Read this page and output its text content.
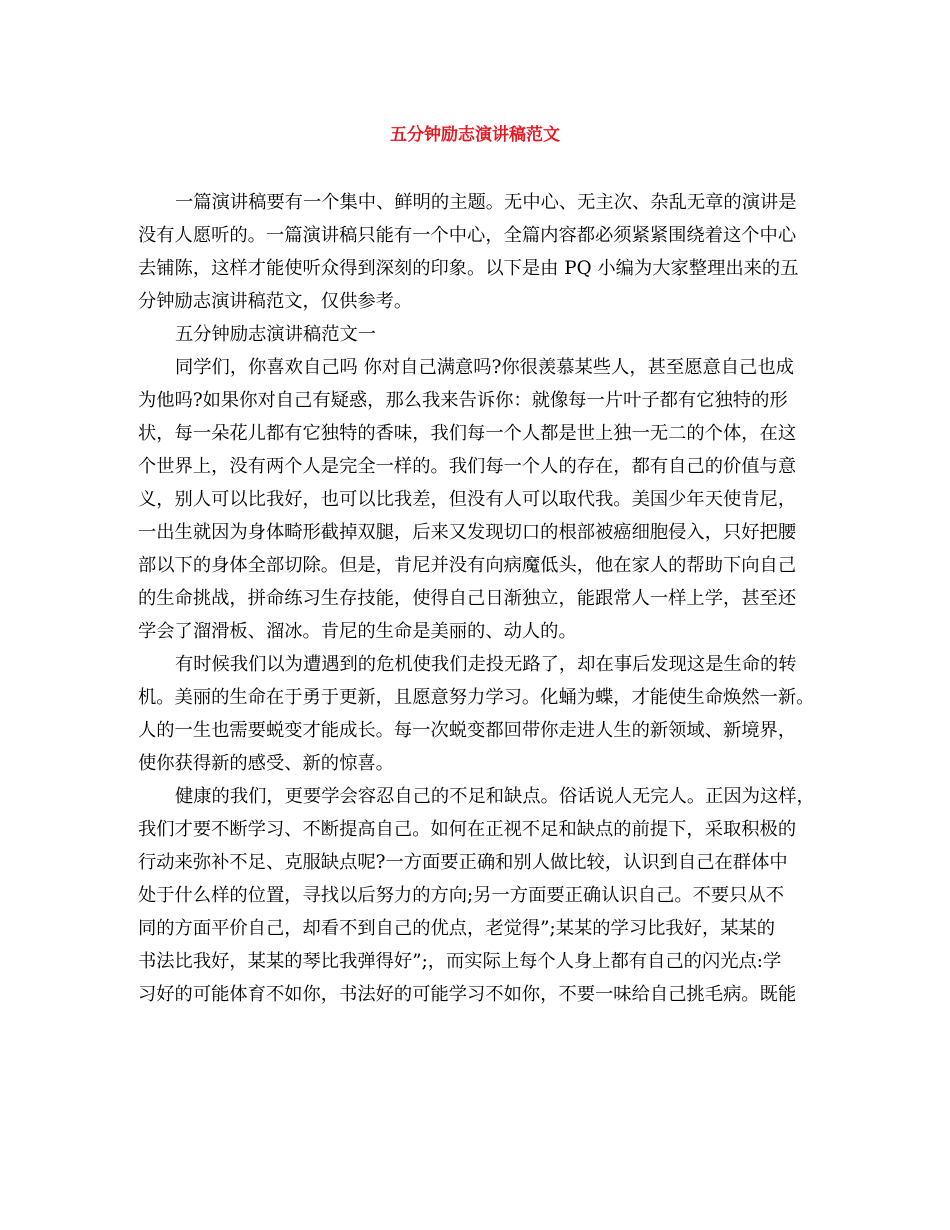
五分钟励志演讲稿范文
一篇演讲稿要有一个集中、鲜明的主题。无中心、无主次、杂乱无章的演讲是
没有人愿听的。一篇演讲稿只能有一个中心，全篇内容都必须紧紧围绕着这个中心
去铺陈，这样才能使听众得到深刻的印象。以下是由 PQ 小编为大家整理出来的五
分钟励志演讲稿范文，仅供参考。
五分钟励志演讲稿范文一
同学们，你喜欢自己吗 你对自己满意吗?你很羡慕某些人，甚至愿意自己也成
为他吗?如果你对自己有疑惑，那么我来告诉你：就像每一片叶子都有它独特的形
状，每一朵花儿都有它独特的香味，我们每一个人都是世上独一无二的个体，在这
个世界上，没有两个人是完全一样的。我们每一个人的存在，都有自己的价值与意
义，别人可以比我好，也可以比我差，但没有人可以取代我。美国少年天使肯尼，
一出生就因为身体畸形截掉双腿，后来又发现切口的根部被癌细胞侵入，只好把腰
部以下的身体全部切除。但是，肯尼并没有向病魔低头，他在家人的帮助下向自己
的生命挑战，拼命练习生存技能，使得自己日渐独立，能跟常人一样上学，甚至还
学会了溜滑板、溜冰。肯尼的生命是美丽的、动人的。
有时候我们以为遭遇到的危机使我们走投无路了，却在事后发现这是生命的转
机。美丽的生命在于勇于更新，且愿意努力学习。化蛹为蝶，才能使生命焕然一新。
人的一生也需要蜕变才能成长。每一次蜕变都回带你走进人生的新领域、新境界，
使你获得新的感受、新的惊喜。
健康的我们，更要学会容忍自己的不足和缺点。俗话说人无完人。正因为这样，
我们才要不断学习、不断提高自己。如何在正视不足和缺点的前提下，采取积极的
行动来弥补不足、克服缺点呢?一方面要正确和别人做比较，认识到自己在群体中
处于什么样的位置，寻找以后努力的方向;另一方面要正确认识自己。不要只从不
同的方面平价自己，却看不到自己的优点，老觉得”;某某的学习比我好，某某的
书法比我好，某某的琴比我弹得好”;，而实际上每个人身上都有自己的闪光点:学
习好的可能体育不如你，书法好的可能学习不如你，不要一味给自己挑毛病。既能
